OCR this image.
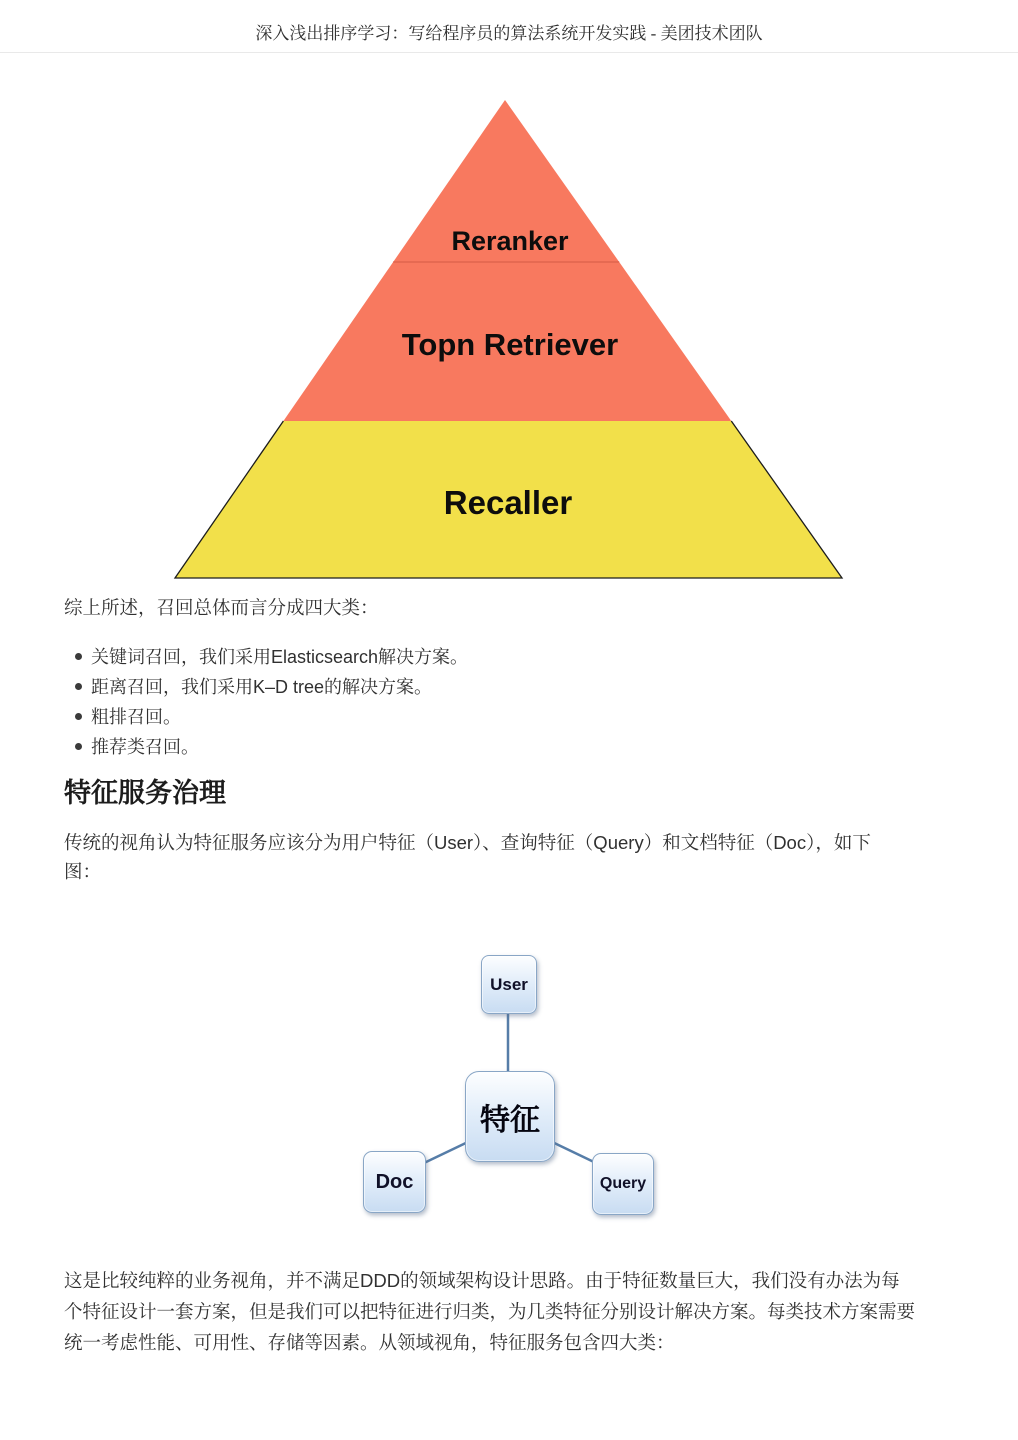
深入浅出排序学习：写给程序员的算法系统开发实践 - 美团技术团队
Reranker
Topn Retriever
Recaller
综上所述，召回总体而言分成四大类：
关键词召回，我们采用Elasticsearch解决方案。
距离召回，我们采用K–D tree的解决方案。
粗排召回。
推荐类召回。
特征服务治理
传统的视角认为特征服务应该分为用户特征（User）、查询特征（Query）和文档特征（Doc），如下
图：
User
特征
Doc	Query
这是比较纯粹的业务视角，并不满足DDD的领域架构设计思路。由于特征数量巨大，我们没有办法为每
个特征设计一套方案，但是我们可以把特征进行归类，为几类特征分别设计解决方案。每类技术方案需要
统一考虑性能、可用性、存储等因素。从领域视角，特征服务包含四大类：
